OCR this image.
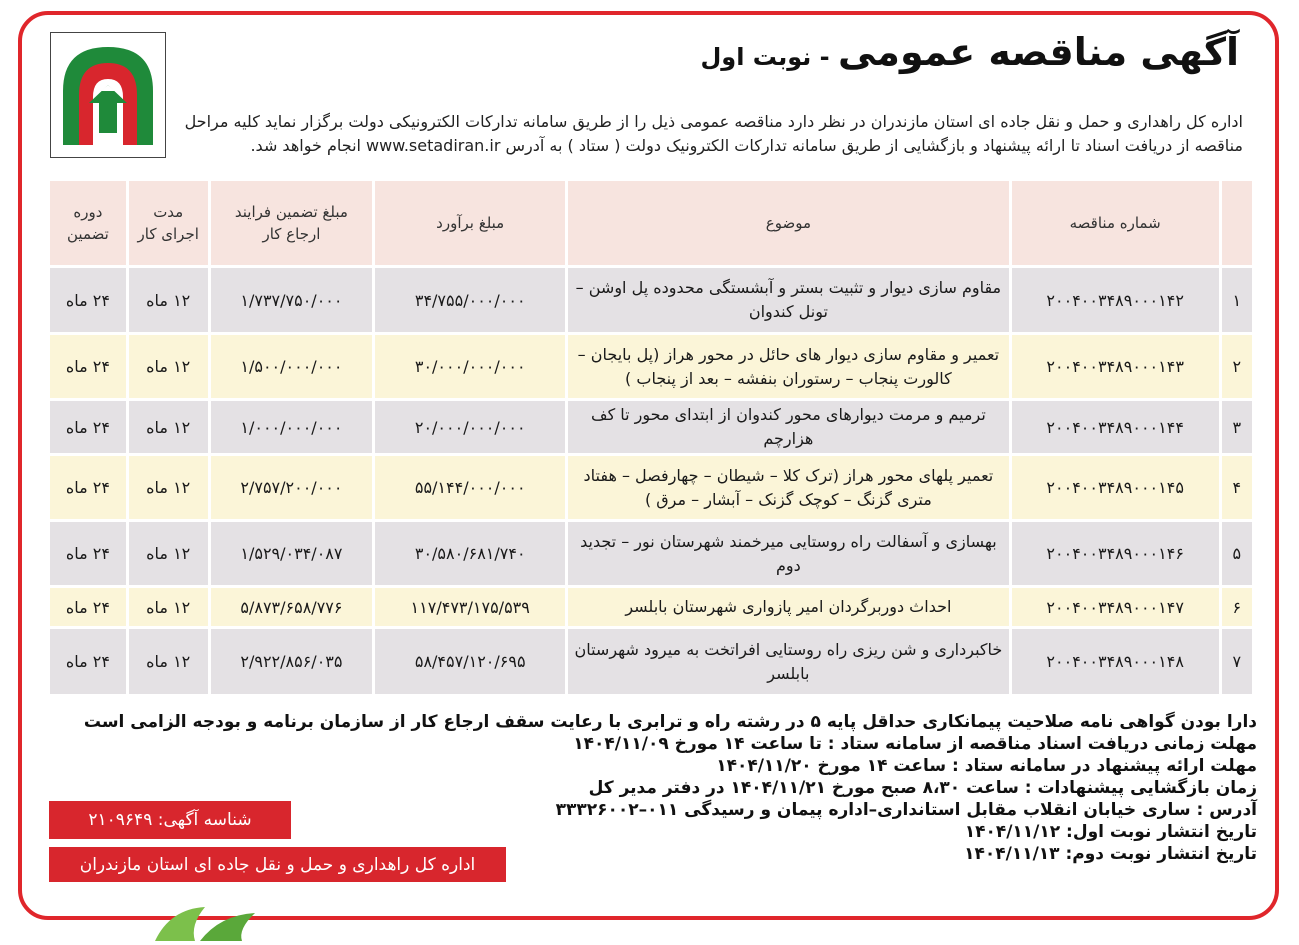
آگهی مناقصه عمومی - نوبت اول
اداره کل راهداری و حمل و نقل جاده ای استان مازندران در نظر دارد مناقصه عمومی ذیل را از طریق سامانه تدارکات الکترونیکی دولت برگزار نماید کلیه مراحل
مناقصه از دریافت اسناد تا ارائه پیشنهاد و بازگشایی از طریق سامانه تدارکات الکترونیک دولت ( ستاد ) به آدرس www.setadiran.ir انجام خواهد شد.
	شماره مناقصه	موضوع	مبلغ برآورد	مبلغ تضمین فرایند ارجاع کار	مدت اجرای کار	دوره تضمین
۱	۲۰۰۴۰۰۳۴۸۹۰۰۰۱۴۲	مقاوم سازی دیوار و تثبیت بستر و آبشستگی محدوده پل اوشن – تونل کندوان	۳۴/۷۵۵/۰۰۰/۰۰۰	۱/۷۳۷/۷۵۰/۰۰۰	۱۲ ماه	۲۴ ماه
۲	۲۰۰۴۰۰۳۴۸۹۰۰۰۱۴۳	تعمیر و مقاوم سازی دیوار های حائل در محور هراز (پل بایجان – کالورت پنجاب – رستوران بنفشه – بعد از پنجاب )	۳۰/۰۰۰/۰۰۰/۰۰۰	۱/۵۰۰/۰۰۰/۰۰۰	۱۲ ماه	۲۴ ماه
۳	۲۰۰۴۰۰۳۴۸۹۰۰۰۱۴۴	ترمیم و مرمت دیوارهای محور کندوان از ابتدای محور تا کف هزارچم	۲۰/۰۰۰/۰۰۰/۰۰۰	۱/۰۰۰/۰۰۰/۰۰۰	۱۲ ماه	۲۴ ماه
۴	۲۰۰۴۰۰۳۴۸۹۰۰۰۱۴۵	تعمیر پلهای محور هراز (ترک کلا – شیطان – چهارفصل – هفتاد متری گزنگ – کوچک گزنک – آبشار – مرق )	۵۵/۱۴۴/۰۰۰/۰۰۰	۲/۷۵۷/۲۰۰/۰۰۰	۱۲ ماه	۲۴ ماه
۵	۲۰۰۴۰۰۳۴۸۹۰۰۰۱۴۶	بهسازی و آسفالت راه روستایی میرخمند شهرستان نور – تجدید دوم	۳۰/۵۸۰/۶۸۱/۷۴۰	۱/۵۲۹/۰۳۴/۰۸۷	۱۲ ماه	۲۴ ماه
۶	۲۰۰۴۰۰۳۴۸۹۰۰۰۱۴۷	احداث دوربرگردان امیر پازواری شهرستان بابلسر	۱۱۷/۴۷۳/۱۷۵/۵۳۹	۵/۸۷۳/۶۵۸/۷۷۶	۱۲ ماه	۲۴ ماه
۷	۲۰۰۴۰۰۳۴۸۹۰۰۰۱۴۸	خاکبرداری و شن ریزی راه روستایی افراتخت به میرود شهرستان بابلسر	۵۸/۴۵۷/۱۲۰/۶۹۵	۲/۹۲۲/۸۵۶/۰۳۵	۱۲ ماه	۲۴ ماه
دارا بودن گواهی نامه صلاحیت پیمانکاری حداقل پایه ۵ در رشته راه و ترابری با رعایت سقف ارجاع کار از سازمان برنامه و بودجه الزامی است
مهلت زمانی دریافت اسناد مناقصه از سامانه ستاد : تا ساعت ۱۴ مورخ ۱۴۰۴/۱۱/۰۹
مهلت ارائه پیشنهاد در سامانه ستاد : ساعت ۱۴ مورخ ۱۴۰۴/۱۱/۲۰
زمان بازگشایی پیشنهادات : ساعت ۸،۳۰ صبح مورخ ۱۴۰۴/۱۱/۲۱ در دفتر مدیر کل
آدرس : ساری خیابان انقلاب مقابل استانداری–اداره پیمان و رسیدگی ۰۱۱–۳۳۳۲۶۰۰۲
تاریخ انتشار نوبت اول: ۱۴۰۴/۱۱/۱۲
تاریخ انتشار نوبت دوم: ۱۴۰۴/۱۱/۱۳
شناسه آگهی: ۲۱۰۹۶۴۹
اداره کل راهداری و حمل و نقل جاده ای استان مازندران
